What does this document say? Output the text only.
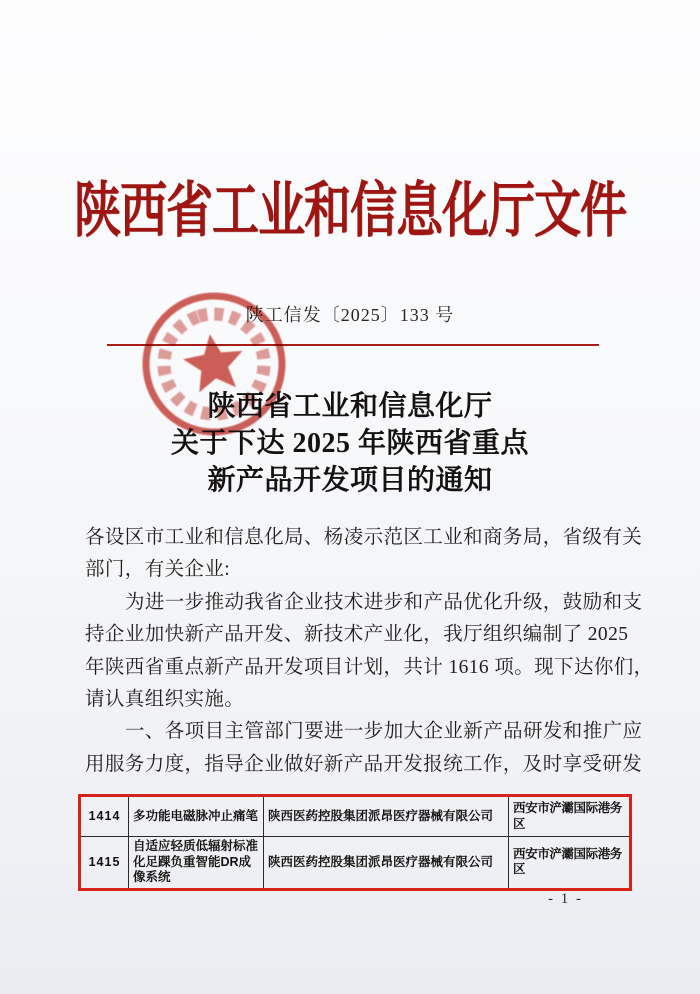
陕西省工业和信息化厅文件
陕工信发〔2025〕133 号
陕西省工业和信息化厅
关于下达 2025 年陕西省重点
新产品开发项目的通知
各设区市工业和信息化局、杨凌示范区工业和商务局，省级有关
部门，有关企业:
为进一步推动我省企业技术进步和产品优化升级，鼓励和支
持企业加快新产品开发、新技术产业化，我厅组织编制了 2025
年陕西省重点新产品开发项目计划，共计 1616 项。现下达你们，
请认真组织实施。
一、各项目主管部门要进一步加大企业新产品研发和推广应
用服务力度，指导企业做好新产品开发报统工作，及时享受研发
1414	多功能电磁脉冲止痛笔	陕西医药控股集团派昂医疗器械有限公司	西安市浐灞国际港务区
1415	自适应轻质低辐射标准化足踝负重智能DR成像系统	陕西医药控股集团派昂医疗器械有限公司	西安市浐灞国际港务区
- 1 -
